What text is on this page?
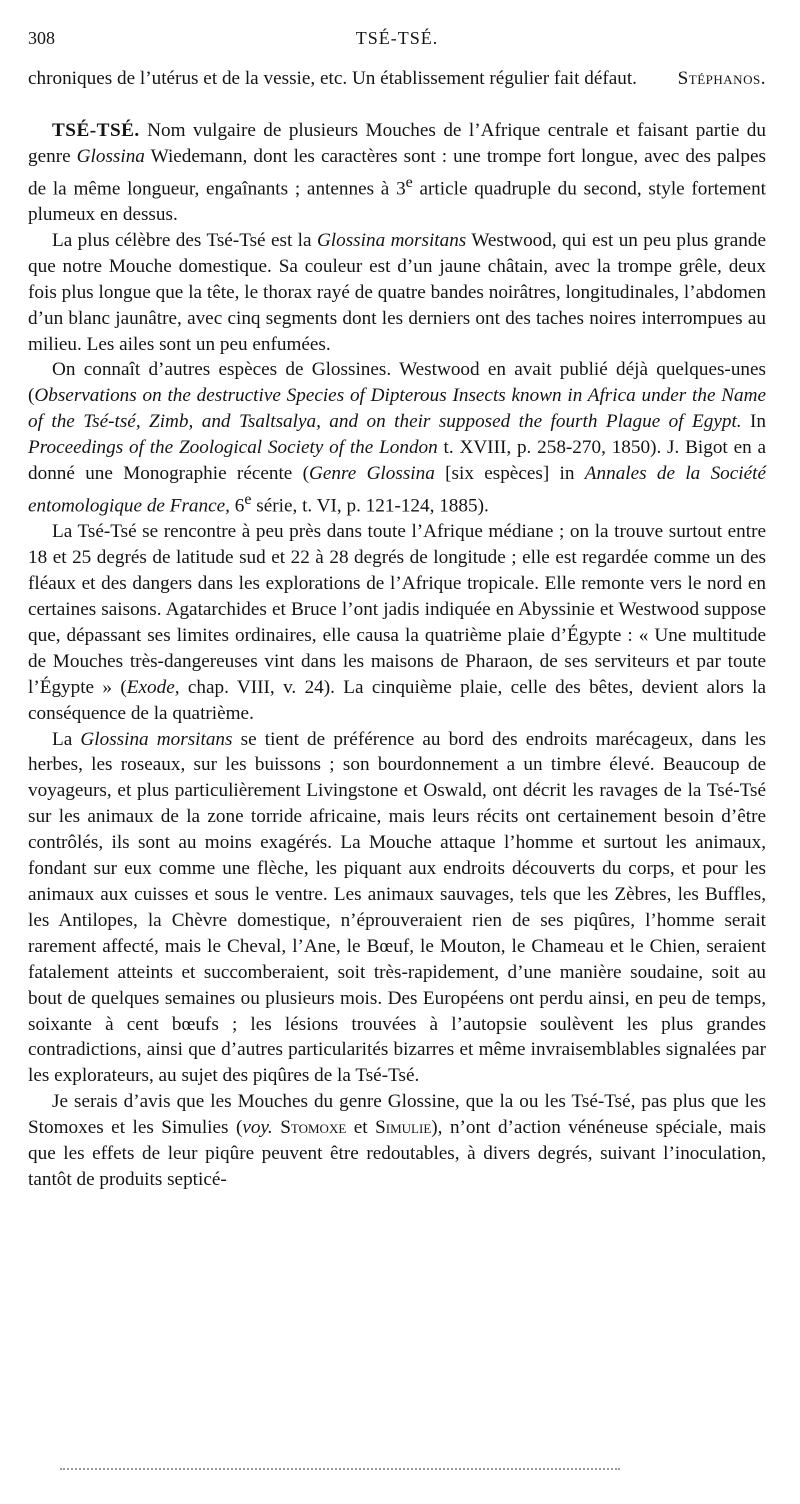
308	TSÉ-TSÉ.

chroniques de l’utérus et de la vessie, etc. Un établissement régulier fait défaut. Stéphanos.

TSÉ-TSÉ. Nom vulgaire de plusieurs Mouches de l’Afrique centrale et faisant partie du genre Glossina Wiedemann, dont les caractères sont : une trompe fort longue, avec des palpes de la même longueur, engaînants ; antennes à 3e article quadruple du second, style fortement plumeux en dessus.

La plus célèbre des Tsé-Tsé est la Glossina morsitans Westwood, qui est un peu plus grande que notre Mouche domestique. Sa couleur est d’un jaune châtain, avec la trompe grêle, deux fois plus longue que la tête, le thorax rayé de quatre bandes noirâtres, longitudinales, l’abdomen d’un blanc jaunâtre, avec cinq segments dont les derniers ont des taches noires interrompues au milieu. Les ailes sont un peu enfumées.

On connaît d’autres espèces de Glossines. Westwood en avait publié déjà quelques-unes (Observations on the destructive Species of Dipterous Insects known in Africa under the Name of the Tsé-tsé, Zimb, and Tsaltsalya, and on their supposed the fourth Plague of Egypt. In Proceedings of the Zoological Society of the London t. XVIII, p. 258-270, 1850). J. Bigot en a donné une Monographie récente (Genre Glossina [six espèces] in Annales de la Société entomologique de France, 6e série, t. VI, p. 121-124, 1885).

La Tsé-Tsé se rencontre à peu près dans toute l’Afrique médiane ; on la trouve surtout entre 18 et 25 degrés de latitude sud et 22 à 28 degrés de longitude ; elle est regardée comme un des fléaux et des dangers dans les explorations de l’Afrique tropicale. Elle remonte vers le nord en certaines saisons. Agatarchides et Bruce l’ont jadis indiquée en Abyssinie et Westwood suppose que, dépassant ses limites ordinaires, elle causa la quatrième plaie d’Égypte : « Une multitude de Mouches très-dangereuses vint dans les maisons de Pharaon, de ses serviteurs et par toute l’Égypte » (Exode, chap. VIII, v. 24). La cinquième plaie, celle des bêtes, devient alors la conséquence de la quatrième.

La Glossina morsitans se tient de préférence au bord des endroits marécageux, dans les herbes, les roseaux, sur les buissons ; son bourdonnement a un timbre élevé. Beaucoup de voyageurs, et plus particulièrement Livingstone et Oswald, ont décrit les ravages de la Tsé-Tsé sur les animaux de la zone torride africaine, mais leurs récits ont certainement besoin d’être contrôlés, ils sont au moins exagérés. La Mouche attaque l’homme et surtout les animaux, fondant sur eux comme une flèche, les piquant aux endroits découverts du corps, et pour les animaux aux cuisses et sous le ventre. Les animaux sauvages, tels que les Zèbres, les Buffles, les Antilopes, la Chèvre domestique, n’éprouveraient rien de ses piqûres, l’homme serait rarement affecté, mais le Cheval, l’Ane, le Bœuf, le Mouton, le Chameau et le Chien, seraient fatalement atteints et succomberaient, soit très-rapidement, d’une manière soudaine, soit au bout de quelques semaines ou plusieurs mois. Des Européens ont perdu ainsi, en peu de temps, soixante à cent bœufs ; les lésions trouvées à l’autopsie soulèvent les plus grandes contradictions, ainsi que d’autres particularités bizarres et même invraisemblables signalées par les explorateurs, au sujet des piqûres de la Tsé-Tsé.

Je serais d’avis que les Mouches du genre Glossine, que la ou les Tsé-Tsé, pas plus que les Stomoxes et les Simulies (voy. Stomoxe et Simulie), n’ont d’action vénéneuse spéciale, mais que les effets de leur piqûre peuvent être redoutables, à divers degrés, suivant l’inoculation, tantôt de produits septicé-
